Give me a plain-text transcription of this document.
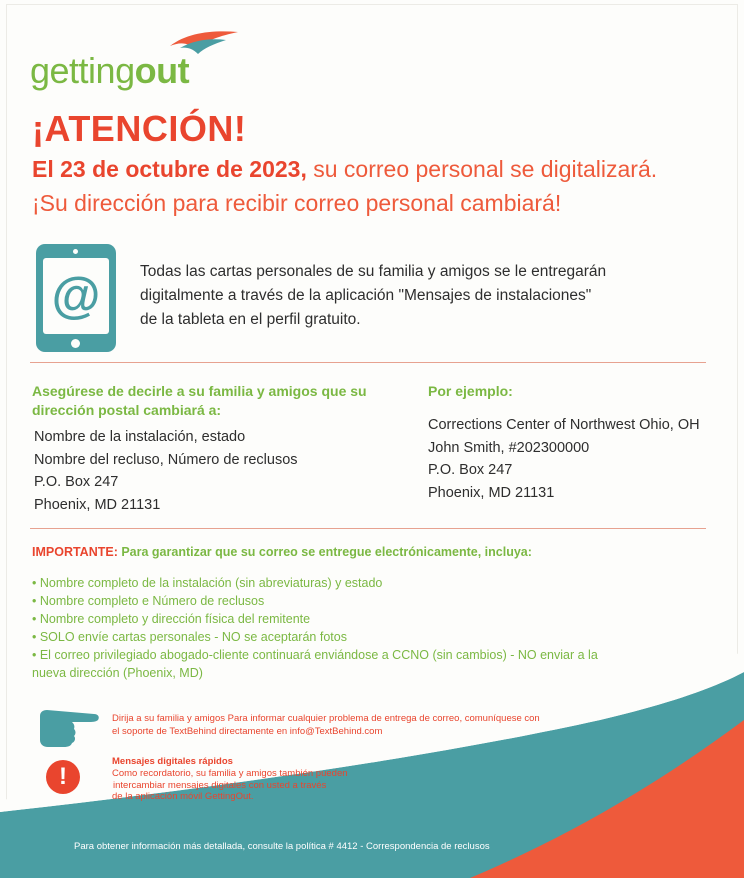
gettingout
¡ATENCIÓN!
El 23 de octubre de 2023, su correo personal se digitalizará.
¡Su dirección para recibir correo personal cambiará!
@	Todas las cartas personales de su familia y amigos se le entregarán
digitalmente a través de la aplicación "Mensajes de instalaciones"
de la tableta en el perfil gratuito.
Asegúrese de decirle a su familia y amigos que su dirección postal cambiará a:
Nombre de la instalación, estado
Nombre del recluso, Número de reclusos
P.O. Box 247
Phoenix, MD 21131
Por ejemplo:
Corrections Center of Northwest Ohio, OH
John Smith, #202300000
P.O. Box 247
Phoenix, MD 21131
IMPORTANTE: Para garantizar que su correo se entregue electrónicamente, incluya:
• Nombre completo de la instalación (sin abreviaturas) y estado
• Nombre completo e Número de reclusos
• Nombre completo y dirección física del remitente
• SOLO envíe cartas personales - NO se aceptarán fotos
• El correo privilegiado abogado-cliente continuará enviándose a CCNO (sin cambios) - NO enviar a la
nueva dirección (Phoenix, MD)
Dirija a su familia y amigos Para informar cualquier problema de entrega de correo, comuníquese con
el soporte de TextBehind directamente en info@TextBehind.com
!
Mensajes digitales rápidos
Como recordatorio, su familia y amigos también pueden
intercambiar mensajes digitales con usted a través
de la aplicación móvil GettingOut.
Para obtener información más detallada, consulte la política # 4412 - Correspondencia de reclusos
